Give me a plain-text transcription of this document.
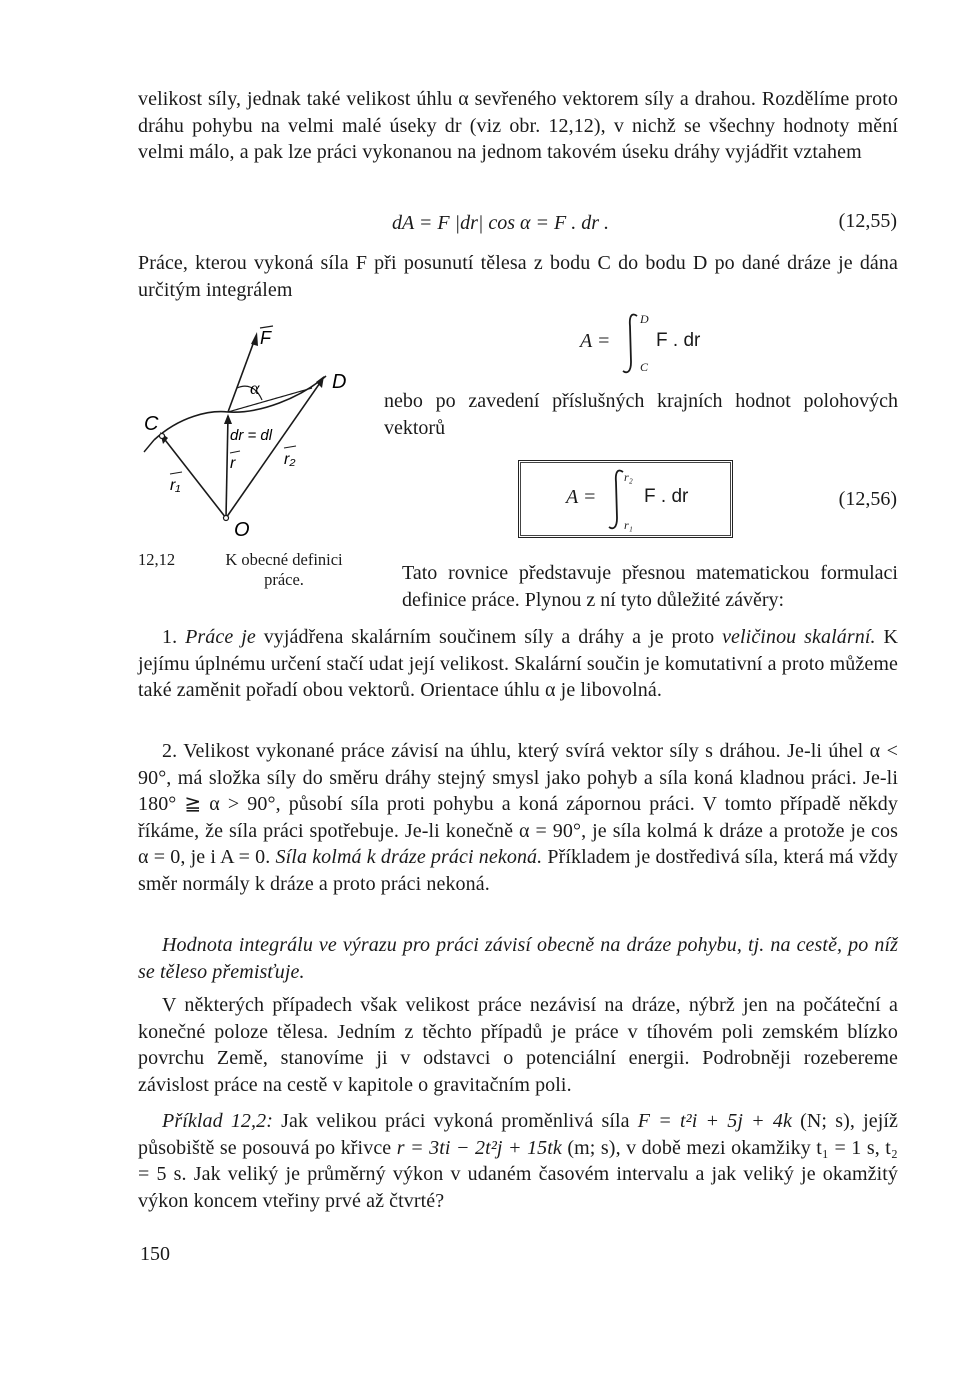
velikost síly, jednak také velikost úhlu α sevřeného vektorem síly a drahou. Rozdělíme proto dráhu pohybu na velmi malé úseky dr (viz obr. 12,12), v nichž se všechny hodnoty mění velmi málo, a pak lze práci vykonanou na jednom takovém úseku dráhy vyjádřit vztahem

dA = F |dr| cos α = F . dr .	(12,55)

Práce, kterou vykoná síla F při posunutí tělesa z bodu C do bodu D po dané dráze je dána určitým integrálem

A =
D
C
F . dr

nebo po zavedení příslušných krajních hodnot polohových vektorů

A =
r₂
r₁
F . dr	(12,56)
F
α	D
C
dr = dl
r
r₁
r₂
O
12,12	K obecné definici práce.	Tato rovnice představuje přesnou matematickou formulaci definice práce. Plynou z ní tyto důležité závěry:

1. Práce je vyjádřena skalárním součinem síly a dráhy a je proto veličinou skalární. K jejímu úplnému určení stačí udat její velikost. Skalární součin je komutativní a proto můžeme také zaměnit pořadí obou vektorů. Orientace úhlu α je libovolná.

2. Velikost vykonané práce závisí na úhlu, který svírá vektor síly s dráhou. Je-li úhel α < 90°, má složka síly do směru dráhy stejný smysl jako pohyb a síla koná kladnou práci. Je-li 180° ≧ α > 90°, působí síla proti pohybu a koná zápornou práci. V tomto případě někdy říkáme, že síla práci spotřebuje. Je-li konečně α = 90°, je síla kolmá k dráze a protože je cos α = 0, je i A = 0. Síla kolmá k dráze práci nekoná. Příkladem je dostředivá síla, která má vždy směr normály k dráze a proto práci nekoná.

Hodnota integrálu ve výrazu pro práci závisí obecně na dráze pohybu, tj. na cestě, po níž se těleso přemisťuje.

V některých případech však velikost práce nezávisí na dráze, nýbrž jen na počáteční a konečné poloze tělesa. Jedním z těchto případů je práce v tíhovém poli zemském blízko povrchu Země, stanovíme ji v odstavci o potenciální energii. Podrobněji rozebereme závislost práce na cestě v kapitole o gravitačním poli.

Příklad 12,2: Jak velikou práci vykoná proměnlivá síla F = t²i + 5j + 4k (N; s), jejíž působiště se posouvá po křivce r = 3ti − 2t²j + 15tk (m; s), v době mezi okamžiky t₁ = 1 s, t₂ = 5 s. Jak veliký je průměrný výkon v udaném časovém intervalu a jak veliký je okamžitý výkon koncem vteřiny prvé až čtvrté?

150
